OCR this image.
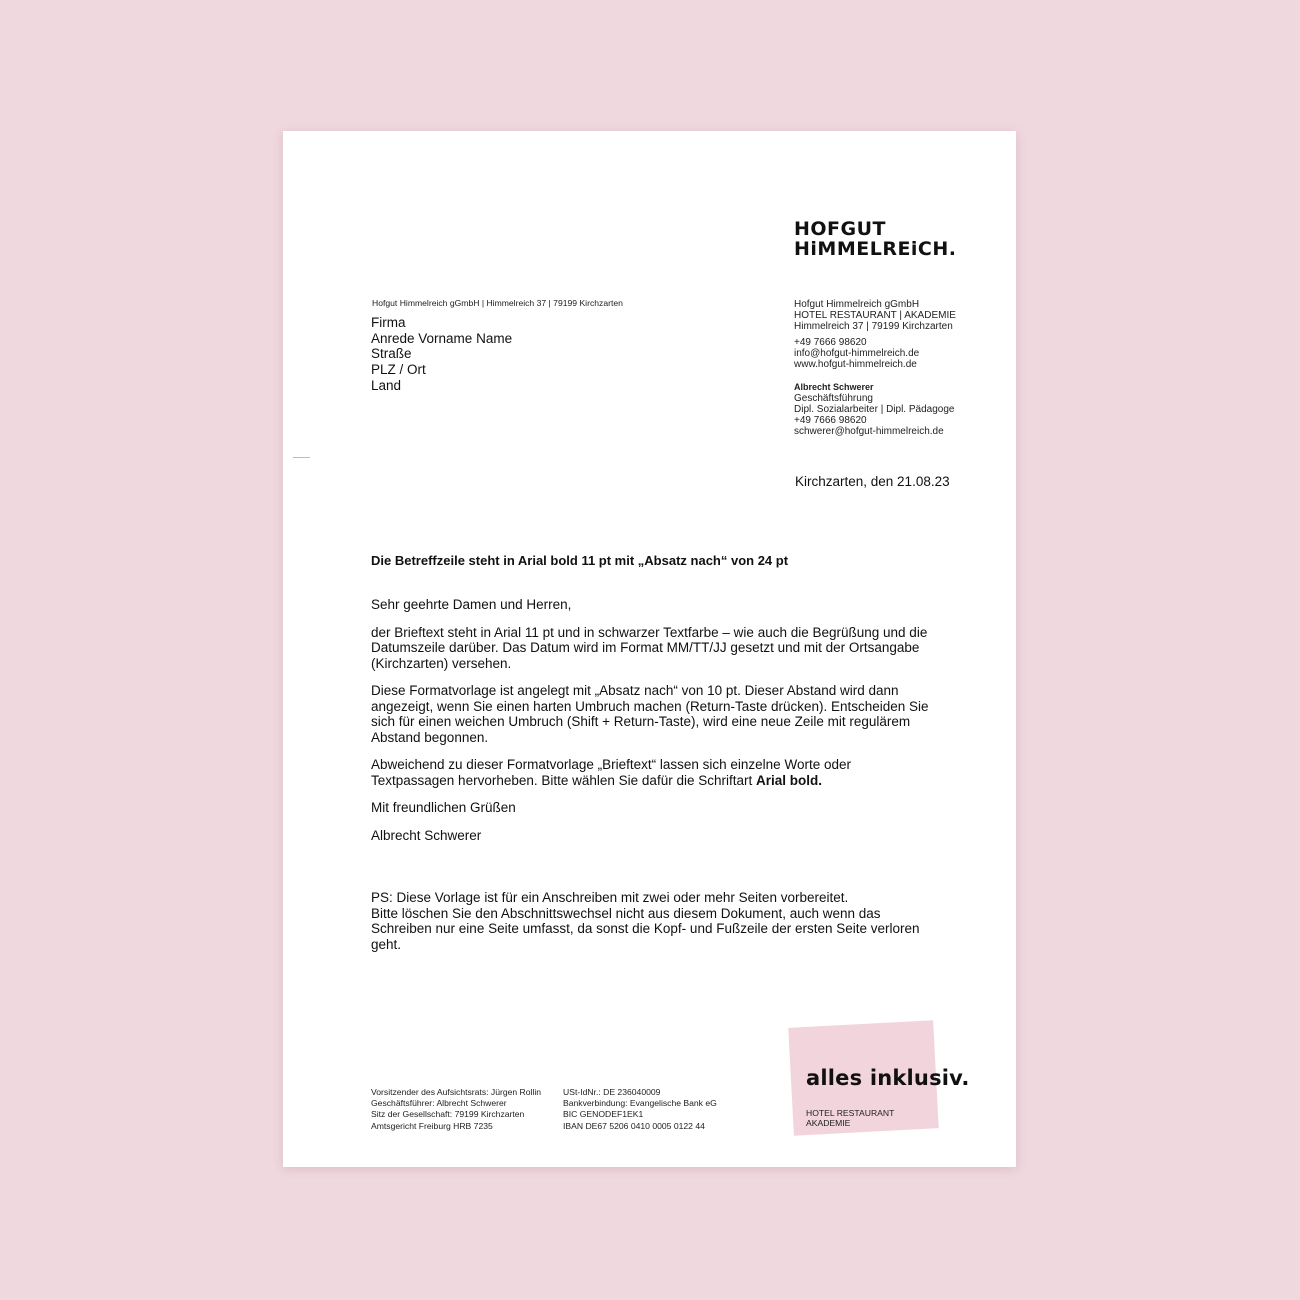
HOFGUT
HiMMELREiCH.
Hofgut Himmelreich gGmbH | Himmelreich 37 | 79199 Kirchzarten
Firma
Anrede Vorname Name
Straße
PLZ / Ort
Land
Hofgut Himmelreich gGmbH
HOTEL RESTAURANT | AKADEMIE
Himmelreich 37 | 79199 Kirchzarten
+49 7666 98620
info@hofgut-himmelreich.de
www.hofgut-himmelreich.de
Albrecht Schwerer
Geschäftsführung
Dipl. Sozialarbeiter | Dipl. Pädagoge
+49 7666 98620
schwerer@hofgut-himmelreich.de
Kirchzarten, den 21.08.23
Die Betreffzeile steht in Arial bold 11 pt mit „Absatz nach“ von 24 pt

Sehr geehrte Damen und Herren,

der Brieftext steht in Arial 11 pt und in schwarzer Textfarbe – wie auch die Begrüßung und die Datumszeile darüber. Das Datum wird im Format MM/TT/JJ gesetzt und mit der Ortsangabe (Kirchzarten) versehen.

Diese Formatvorlage ist angelegt mit „Absatz nach“ von 10 pt. Dieser Abstand wird dann angezeigt, wenn Sie einen harten Umbruch machen (Return-Taste drücken). Entscheiden Sie sich für einen weichen Umbruch (Shift + Return-Taste), wird eine neue Zeile mit regulärem Abstand begonnen.

Abweichend zu dieser Formatvorlage „Brieftext“ lassen sich einzelne Worte oder Textpassagen hervorheben. Bitte wählen Sie dafür die Schriftart Arial bold.

Mit freundlichen Grüßen

Albrecht Schwerer

PS: Diese Vorlage ist für ein Anschreiben mit zwei oder mehr Seiten vorbereitet.

Bitte löschen Sie den Abschnittswechsel nicht aus diesem Dokument, auch wenn das Schreiben nur eine Seite umfasst, da sonst die Kopf- und Fußzeile der ersten Seite verloren geht.

Vorsitzender des Aufsichtsrats: Jürgen Rollin
Geschäftsführer: Albrecht Schwerer
Sitz der Gesellschaft: 79199 Kirchzarten
Amtsgericht Freiburg HRB 7235
USt-IdNr.: DE 236040009
Bankverbindung: Evangelische Bank eG
BIC GENODEF1EK1
IBAN DE67 5206 0410 0005 0122 44
alles inklusiv.
HOTEL RESTAURANT
AKADEMIE
